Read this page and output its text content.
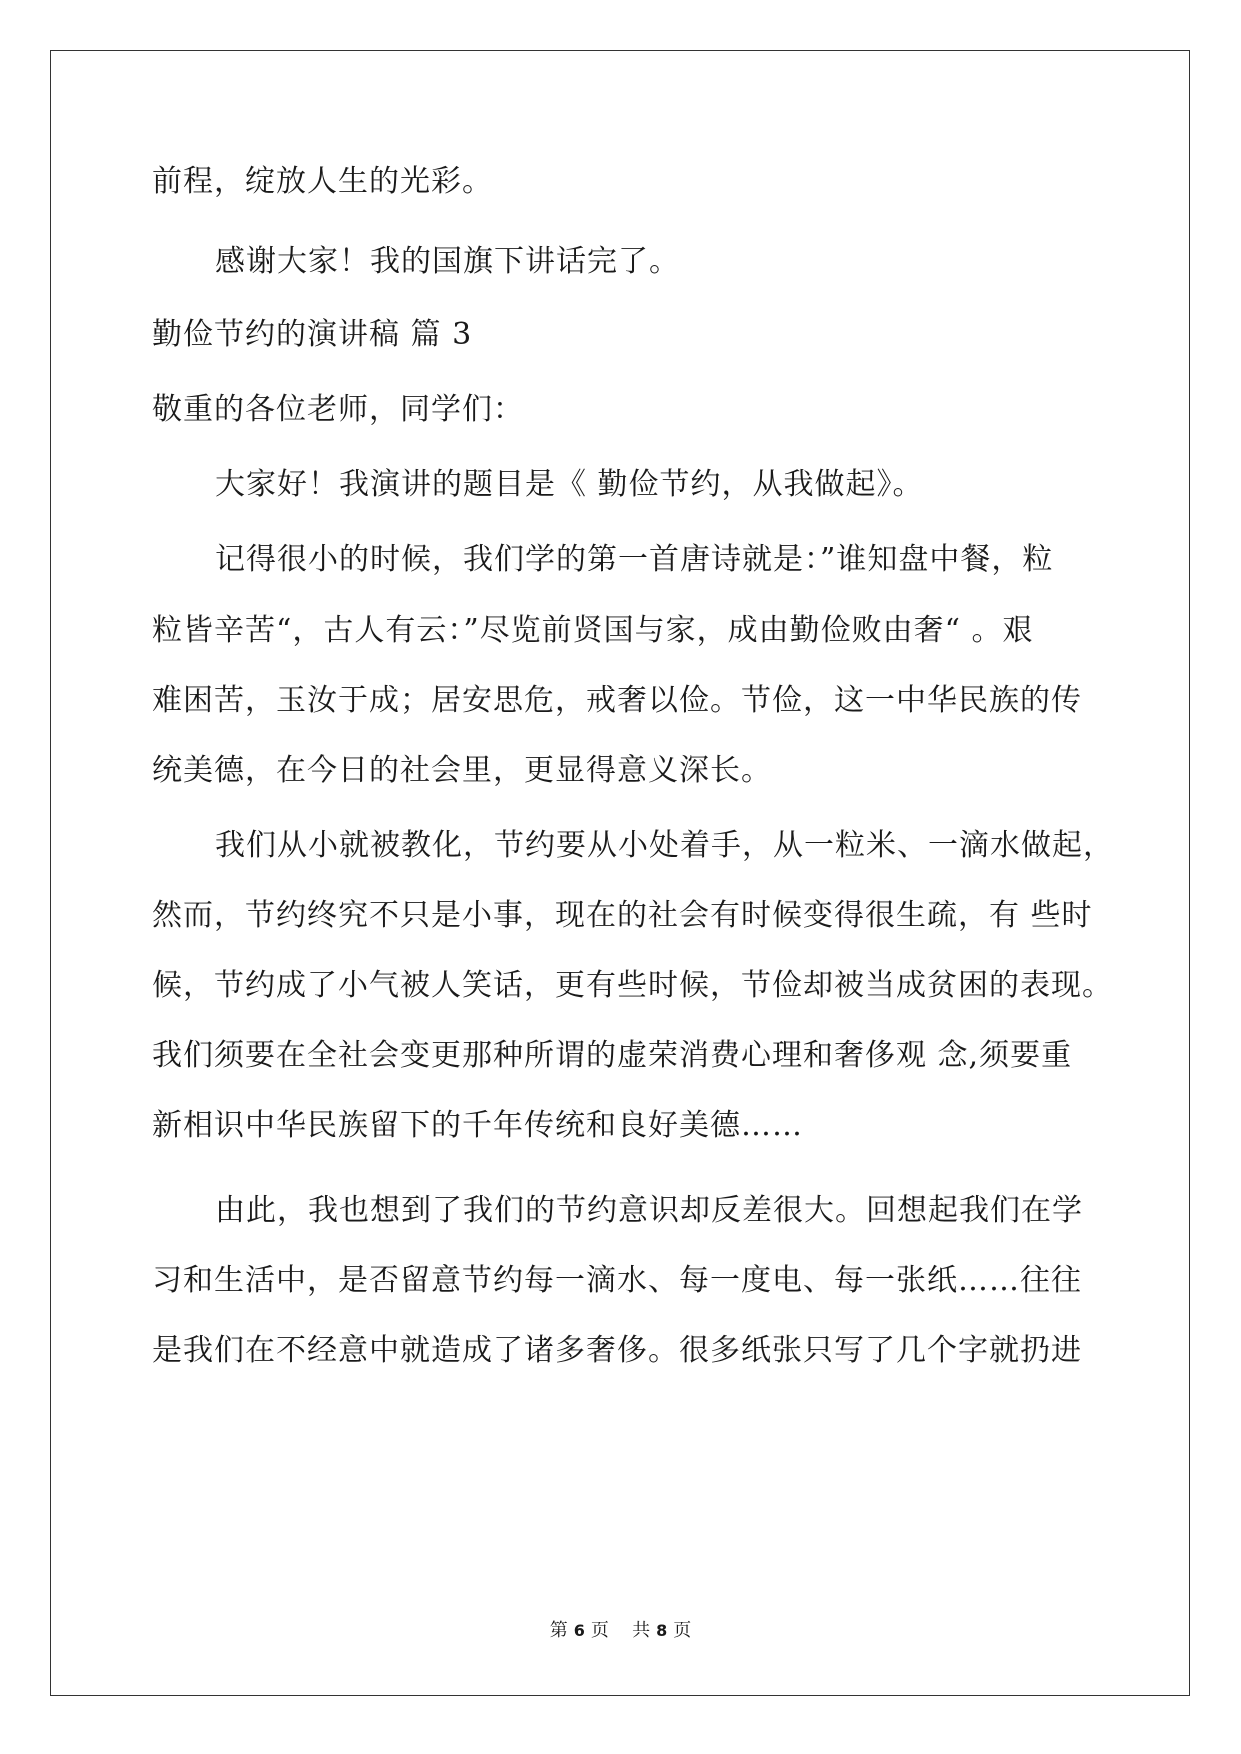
前程，绽放人生的光彩。
感谢大家！我的国旗下讲话完了。
勤俭节约的演讲稿 篇 3
敬重的各位老师，同学们：
大家好！我演讲的题目是《 勤俭节约，从我做起》。
记得很小的时候，我们学的第一首唐诗就是：”谁知盘中餐，粒
粒皆辛苦“，古人有云：”尽览前贤国与家，成由勤俭败由奢“ 。艰
难困苦，玉汝于成；居安思危，戒奢以俭。节俭，这一中华民族的传
统美德，在今日的社会里，更显得意义深长。
我们从小就被教化，节约要从小处着手，从一粒米、一滴水做起，
然而，节约终究不只是小事，现在的社会有时候变得很生疏，有 些时
候，节约成了小气被人笑话，更有些时候，节俭却被当成贫困的表现。
我们须要在全社会变更那种所谓的虚荣消费心理和奢侈观 念,须要重
新相识中华民族留下的千年传统和良好美德……
由此，我也想到了我们的节约意识却反差很大。回想起我们在学
习和生活中，是否留意节约每一滴水、每一度电、每一张纸……往往
是我们在不经意中就造成了诸多奢侈。很多纸张只写了几个字就扔进
第 6 页 共 8 页
